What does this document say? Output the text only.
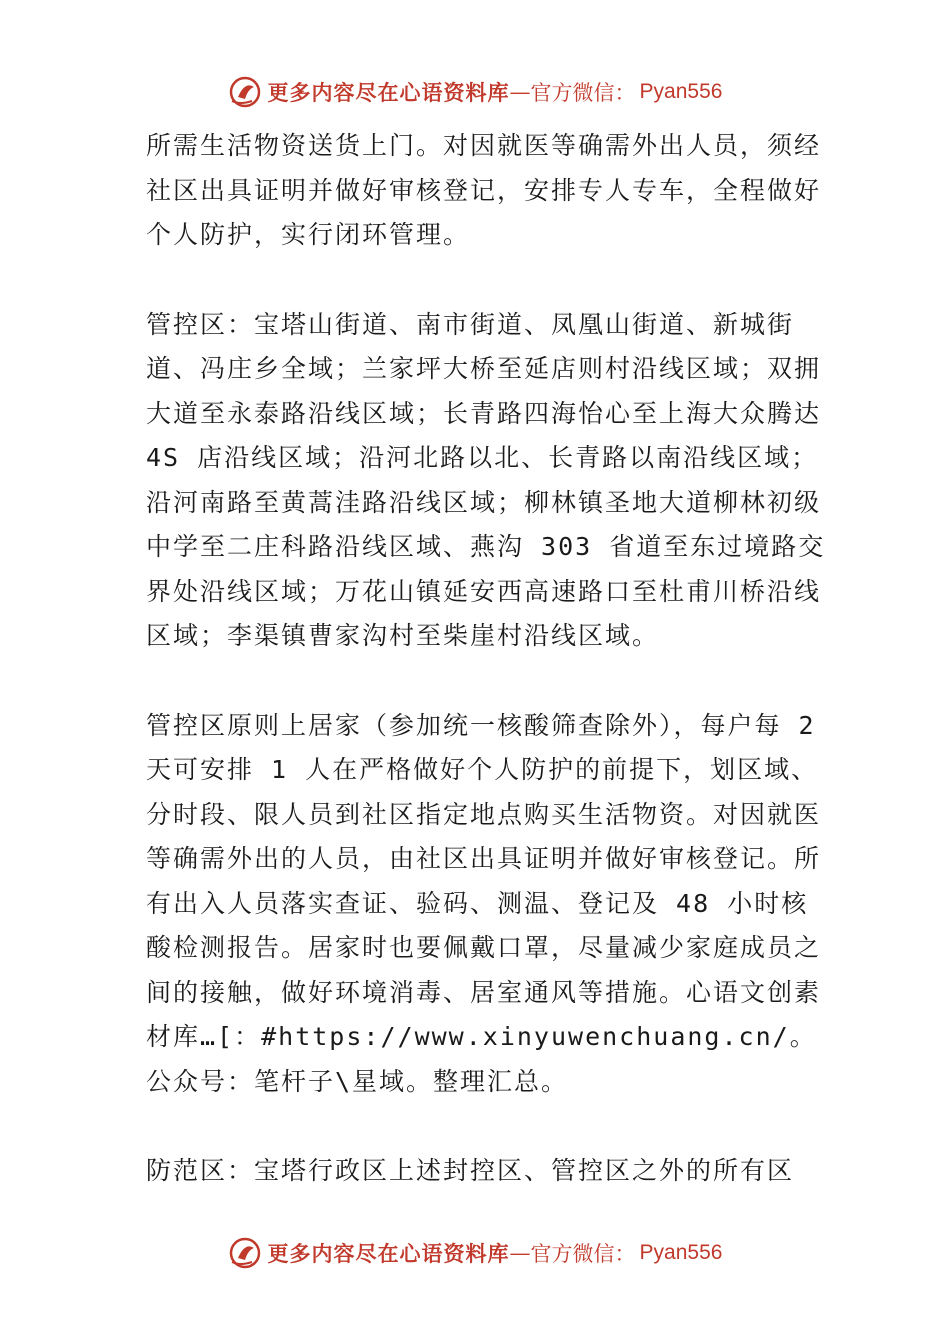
更多内容尽在心语资料库 — 官方微信： Pyan556

所需生活物资送货上门。对因就医等确需外出人员，须经社区出具证明并做好审核登记，安排专人专车，全程做好个人防护，实行闭环管理。

管控区：宝塔山街道、南市街道、凤凰山街道、新城街道、冯庄乡全域；兰家坪大桥至延店则村沿线区域；双拥大道至永泰路沿线区域；长青路四海怡心至上海大众腾达 4S 店沿线区域；沿河北路以北、长青路以南沿线区域；沿河南路至黄蒿洼路沿线区域；柳林镇圣地大道柳林初级中学至二庄科路沿线区域、燕沟 303 省道至东过境路交界处沿线区域；万花山镇延安西高速路口至杜甫川桥沿线区域；李渠镇曹家沟村至柴崖村沿线区域。

管控区原则上居家（参加统一核酸筛查除外），每户每 2 天可安排 1 人在严格做好个人防护的前提下，划区域、分时段、限人员到社区指定地点购买生活物资。对因就医等确需外出的人员，由社区出具证明并做好审核登记。所有出入人员落实查证、验码、测温、登记及 48 小时核酸检测报告。居家时也要佩戴口罩，尽量减少家庭成员之间的接触，做好环境消毒、居室通风等措施。心语文创素材库…[：#https://www.xinyuwenchuang.cn/。公众号：笔杆子\星域。整理汇总。

防范区：宝塔行政区上述封控区、管控区之外的所有区

更多内容尽在心语资料库 — 官方微信： Pyan556
